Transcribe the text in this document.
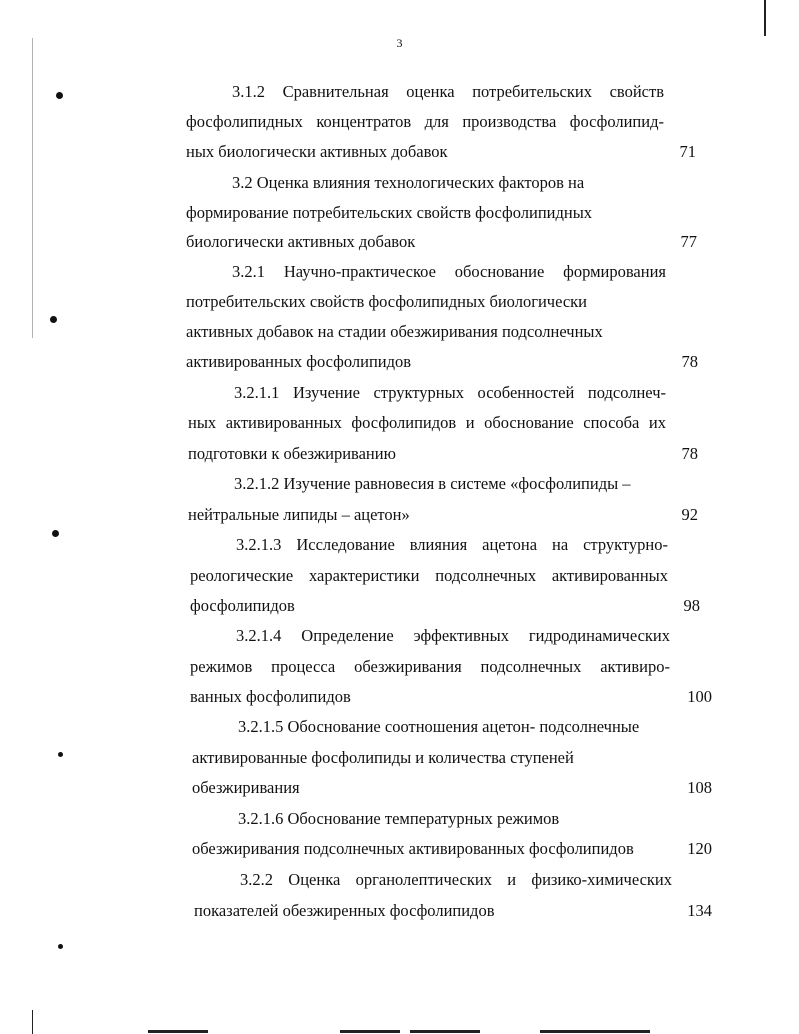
3
3.1.2 Сравнительная оценка потребительских свойств
фосфолипидных концентратов для производства фосфолипид-
ных биологически активных добавок	71
3.2 Оценка влияния технологических факторов на
формирование потребительских свойств фосфолипидных
биологически активных добавок	77
3.2.1 Научно-практическое обоснование формирования
потребительских свойств фосфолипидных биологически
активных добавок на стадии обезжиривания подсолнечных
активированных фосфолипидов	78
3.2.1.1 Изучение структурных особенностей подсолнеч-
ных активированных фосфолипидов и обоснование способа их
подготовки к обезжириванию	78
3.2.1.2 Изучение равновесия в системе «фосфолипиды –
нейтральные липиды – ацетон»	92
3.2.1.3 Исследование влияния ацетона на структурно-
реологические характеристики подсолнечных активированных
фосфолипидов	98
3.2.1.4 Определение эффективных гидродинамических
режимов процесса обезжиривания подсолнечных активиро-
ванных фосфолипидов	100
3.2.1.5 Обоснование соотношения ацетон- подсолнечные
активированные фосфолипиды и количества ступеней
обезжиривания	108
3.2.1.6 Обоснование температурных режимов
обезжиривания подсолнечных активированных фосфолипидов	120
3.2.2 Оценка органолептических и физико-химических
показателей обезжиренных фосфолипидов	134
